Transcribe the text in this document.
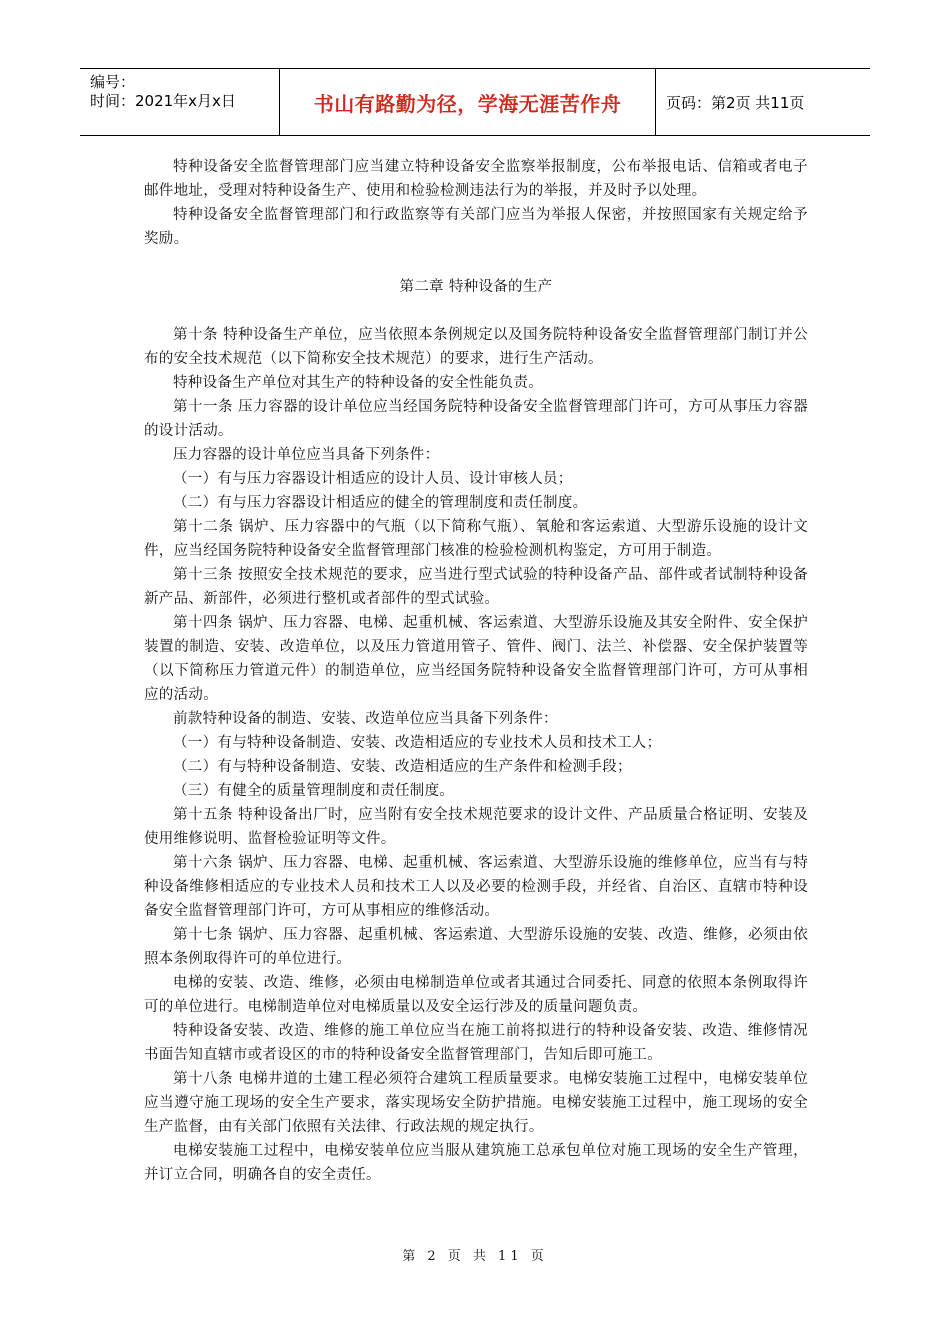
编号：
时间：2021年x月x日	书山有路勤为径，学海无涯苦作舟	页码：第2页 共11页

特种设备安全监督管理部门应当建立特种设备安全监察举报制度，公布举报电话、信箱或者电子邮件地址，受理对特种设备生产、使用和检验检测违法行为的举报，并及时予以处理。

特种设备安全监督管理部门和行政监察等有关部门应当为举报人保密，并按照国家有关规定给予奖励。

第二章 特种设备的生产

第十条 特种设备生产单位，应当依照本条例规定以及国务院特种设备安全监督管理部门制订并公布的安全技术规范（以下简称安全技术规范）的要求，进行生产活动。

特种设备生产单位对其生产的特种设备的安全性能负责。

第十一条 压力容器的设计单位应当经国务院特种设备安全监督管理部门许可，方可从事压力容器的设计活动。

压力容器的设计单位应当具备下列条件：

（一）有与压力容器设计相适应的设计人员、设计审核人员；

（二）有与压力容器设计相适应的健全的管理制度和责任制度。

第十二条 锅炉、压力容器中的气瓶（以下简称气瓶）、氧舱和客运索道、大型游乐设施的设计文件，应当经国务院特种设备安全监督管理部门核准的检验检测机构鉴定，方可用于制造。

第十三条 按照安全技术规范的要求，应当进行型式试验的特种设备产品、部件或者试制特种设备新产品、新部件，必须进行整机或者部件的型式试验。

第十四条 锅炉、压力容器、电梯、起重机械、客运索道、大型游乐设施及其安全附件、安全保护装置的制造、安装、改造单位，以及压力管道用管子、管件、阀门、法兰、补偿器、安全保护装置等（以下简称压力管道元件）的制造单位，应当经国务院特种设备安全监督管理部门许可，方可从事相应的活动。

前款特种设备的制造、安装、改造单位应当具备下列条件：

（一）有与特种设备制造、安装、改造相适应的专业技术人员和技术工人；

（二）有与特种设备制造、安装、改造相适应的生产条件和检测手段；

（三）有健全的质量管理制度和责任制度。

第十五条 特种设备出厂时，应当附有安全技术规范要求的设计文件、产品质量合格证明、安装及使用维修说明、监督检验证明等文件。

第十六条 锅炉、压力容器、电梯、起重机械、客运索道、大型游乐设施的维修单位，应当有与特种设备维修相适应的专业技术人员和技术工人以及必要的检测手段，并经省、自治区、直辖市特种设备安全监督管理部门许可，方可从事相应的维修活动。

第十七条 锅炉、压力容器、起重机械、客运索道、大型游乐设施的安装、改造、维修，必须由依照本条例取得许可的单位进行。

电梯的安装、改造、维修，必须由电梯制造单位或者其通过合同委托、同意的依照本条例取得许可的单位进行。电梯制造单位对电梯质量以及安全运行涉及的质量问题负责。

特种设备安装、改造、维修的施工单位应当在施工前将拟进行的特种设备安装、改造、维修情况书面告知直辖市或者设区的市的特种设备安全监督管理部门，告知后即可施工。

第十八条 电梯井道的土建工程必须符合建筑工程质量要求。电梯安装施工过程中，电梯安装单位应当遵守施工现场的安全生产要求，落实现场安全防护措施。电梯安装施工过程中，施工现场的安全生产监督，由有关部门依照有关法律、行政法规的规定执行。

电梯安装施工过程中，电梯安装单位应当服从建筑施工总承包单位对施工现场的安全生产管理，并订立合同，明确各自的安全责任。

第 2 页 共 11 页
